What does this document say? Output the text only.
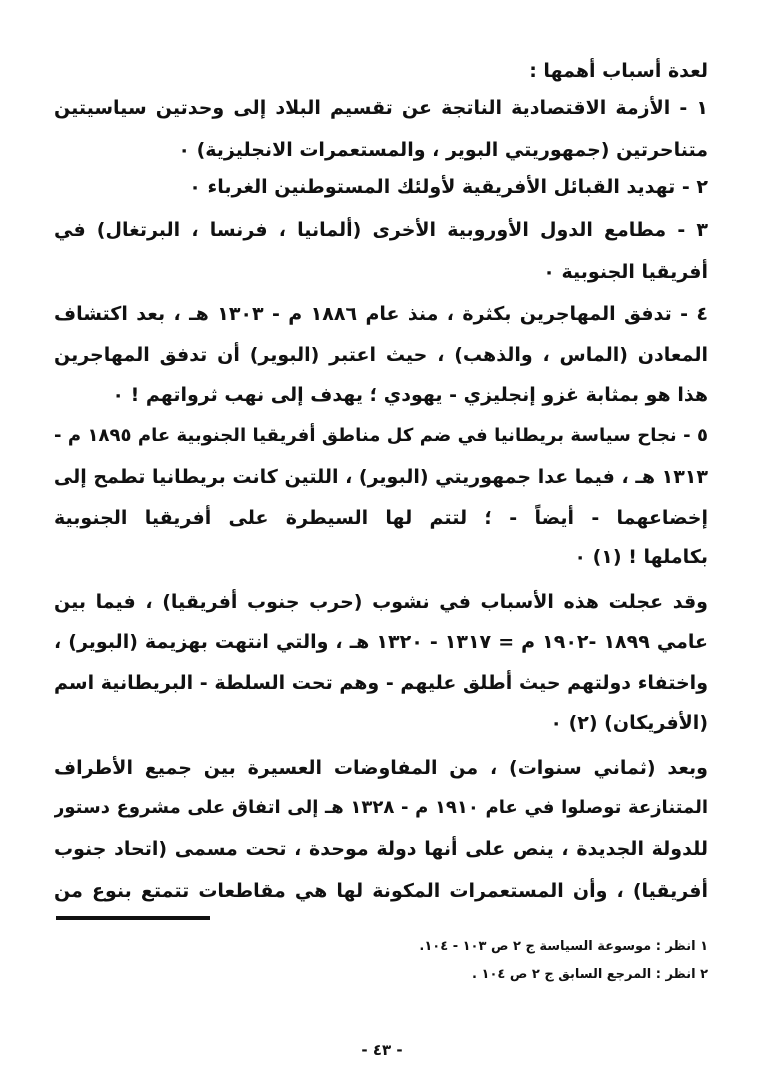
لعدة أسباب أهمها :
١ - الأزمة الاقتصادية الناتجة عن تقسيم البلاد إلى وحدتين سياسيتين
متناحرتين (جمهوريتي البوير ، والمستعمرات الانجليزية) ٠
٢ - تهديد القبائل الأفريقية لأولئك المستوطنين الغرباء ٠
٣ - مطامع الدول الأوروبية الأخرى (ألمانيا ، فرنسا ، البرتغال) في
أفريقيا الجنوبية ٠
٤ - تدفق المهاجرين بكثرة ، منذ عام ١٨٨٦ م - ١٣٠٣ هـ ، بعد اكتشاف
المعادن (الماس ، والذهب) ، حيث اعتبر (البوير) أن تدفق المهاجرين
هذا هو بمثابة غزو إنجليزي - يهودي ؛ يهدف إلى نهب ثرواتهم ! ٠
٥ - نجاح سياسة بريطانيا في ضم كل مناطق أفريقيا الجنوبية عام ١٨٩٥ م -
١٣١٣ هـ ، فيما عدا جمهوريتي (البوير) ، اللتين كانت بريطانيا تطمح إلى
إخضاعهما - أيضاً - ؛ لتتم لها السيطرة على أفريقيا الجنوبية
بكاملها ! (١) ٠
وقد عجلت هذه الأسباب في نشوب (حرب جنوب أفريقيا) ، فيما بين
عامي ١٨٩٩ -١٩٠٢ م = ١٣١٧ - ١٣٢٠ هـ ، والتي انتهت بهزيمة (البوير) ،
واختفاء دولتهم حيث أطلق عليهم - وهم تحت السلطة - البريطانية اسم
(الأفريكان) (٢) ٠
وبعد (ثماني سنوات) ، من المفاوضات العسيرة بين جميع الأطراف
المتنازعة توصلوا في عام ١٩١٠ م - ١٣٢٨ هـ إلى اتفاق على مشروع دستور
للدولة الجديدة ، ينص على أنها دولة موحدة ، تحت مسمى (اتحاد جنوب
أفريقيا) ، وأن المستعمرات المكونة لها هي مقاطعات تتمتع بنوع من
١ انظر : موسوعة السياسة ج ٢ ص ١٠٣ - ١٠٤.
٢ انظر : المرجع السابق ج ٢ ص ١٠٤ .
- ٤٣ -
